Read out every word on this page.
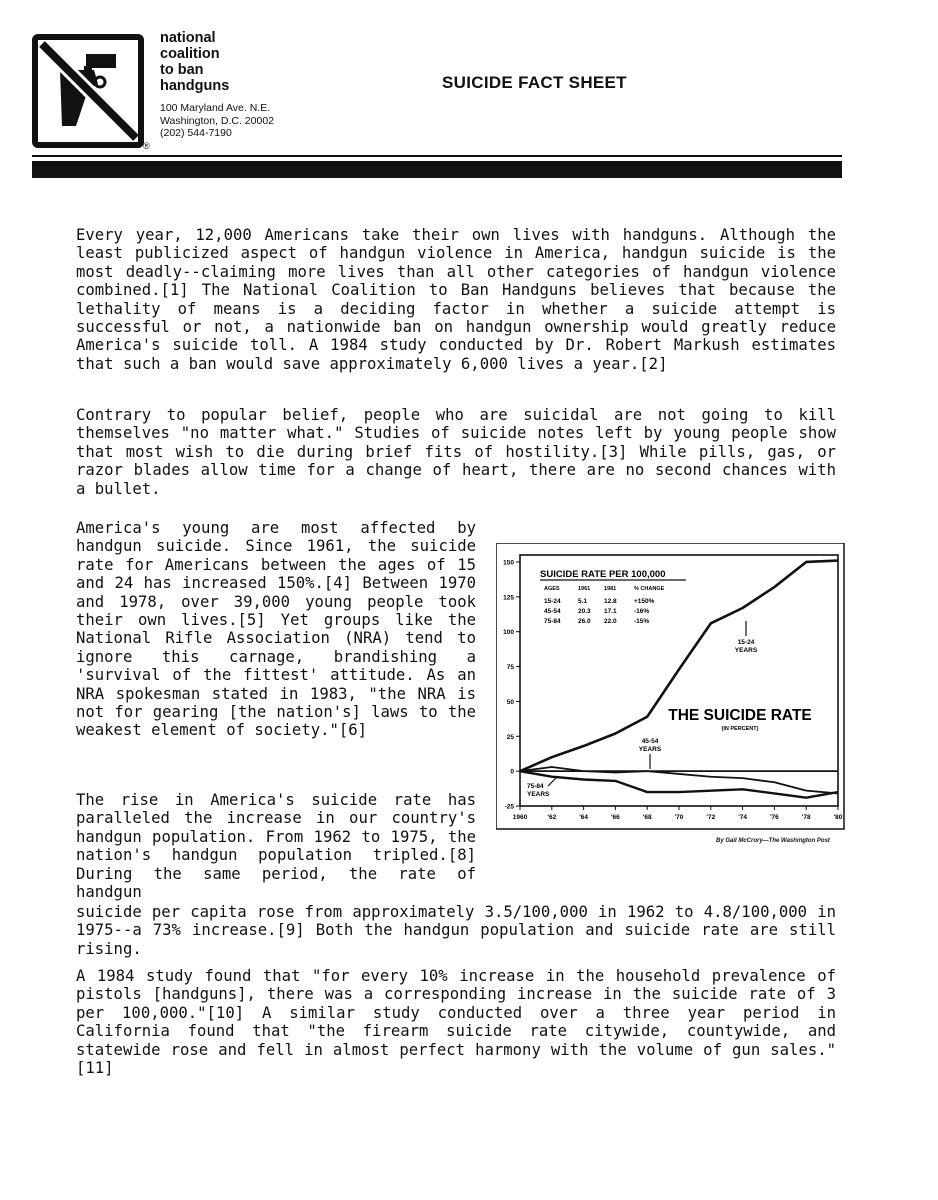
®
national
coalition
to ban
handguns
100 Maryland Ave. N.E.
Washington, D.C. 20002
(202) 544-7190
SUICIDE FACT SHEET

Every year, 12,000 Americans take their own lives with handguns. Although the least publicized aspect of handgun violence in America, handgun suicide is the most deadly--claiming more lives than all other categories of handgun violence combined.[1] The National Coalition to Ban Handguns believes that because the lethality of means is a deciding factor in whether a suicide attempt is successful or not, a nationwide ban on handgun ownership would greatly reduce America's suicide toll. A 1984 study conducted by Dr. Robert Markush estimates that such a ban would save approximately 6,000 lives a year.[2]

Contrary to popular belief, people who are suicidal are not going to kill themselves "no matter what." Studies of suicide notes left by young people show that most wish to die during brief fits of hostility.[3] While pills, gas, or razor blades allow time for a change of heart, there are no second chances with a bullet.

America's young are most affected by handgun suicide. Since 1961, the suicide rate for Americans between the ages of 15 and 24 has increased 150%.[4] Between 1970 and 1978, over 39,000 young people took their own lives.[5] Yet groups like the National Rifle Association (NRA) tend to ignore this carnage, brandishing a 'survival of the fittest' attitude. As an NRA spokesman stated in 1983, "the NRA is not for gearing [the nation's] laws to the weakest element of society."[6]

The rise in America's suicide rate has paralleled the increase in our country's handgun population. From 1962 to 1975, the nation's handgun population tripled.[8] During the same period, the rate of handgun

suicide per capita rose from approximately 3.5/100,000 in 1962 to 4.8/100,000 in 1975--a 73% increase.[9] Both the handgun population and suicide rate are still rising.

A 1984 study found that "for every 10% increase in the household prevalence of pistols [handguns], there was a corresponding increase in the suicide rate of 3 per 100,000."[10] A similar study conducted over a three year period in California found that "the firearm suicide rate citywide, countywide, and statewide rose and fell in almost perfect harmony with the volume of gun sales."[11]

-25
0
25
50
75
100
125
150
1960	'62	'64	'66	'68	'70	'72	'74	'76	'78	'80
SUICIDE RATE PER 100,000
AGES	1961	1981	% CHANGE
15-24	5.1	12.8	+150%
45-54	20.3 17.1	-16%
75-84	26.0 22.0	-15%
15-24
YEARS
45-54
YEARS
75-84
YEARS
THE SUICIDE RATE
(IN PERCENT)
By Gail McCrory—The Washington Post
